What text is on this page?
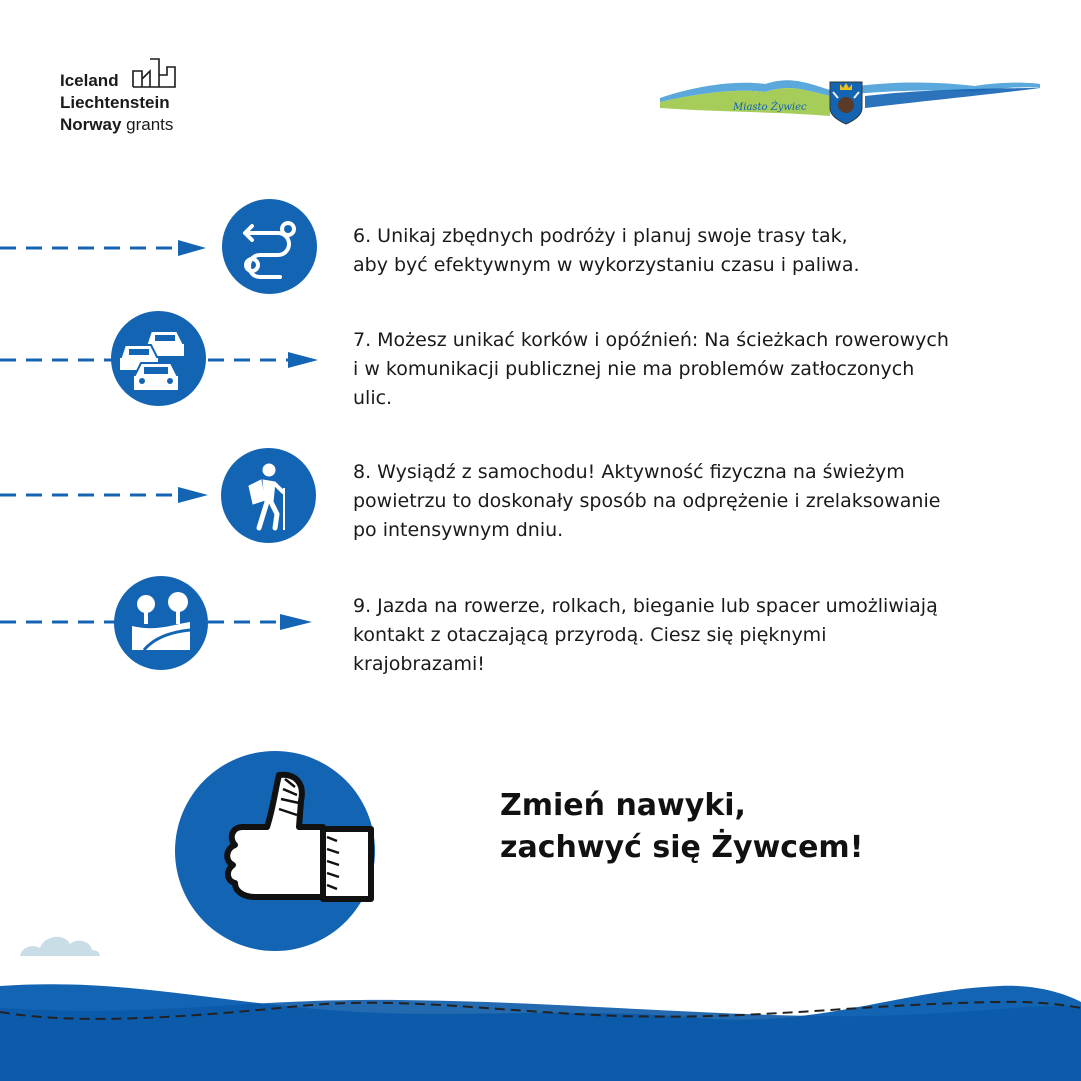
Iceland
Liechtenstein
Norway grants
Miasto Żywiec
6. Unikaj zbędnych podróży i planuj swoje trasy tak,
aby być efektywnym w wykorzystaniu czasu i paliwa.
7. Możesz unikać korków i opóźnień: Na ścieżkach rowerowych
i w komunikacji publicznej nie ma problemów zatłoczonych
ulic.
8. Wysiądź z samochodu! Aktywność fizyczna na świeżym
powietrzu to doskonały sposób na odprężenie i zrelaksowanie
po intensywnym dniu.
9. Jazda na rowerze, rolkach, bieganie lub spacer umożliwiają
kontakt z otaczającą przyrodą. Ciesz się pięknymi
krajobrazami!
Zmień nawyki,
zachwyć się Żywcem!
